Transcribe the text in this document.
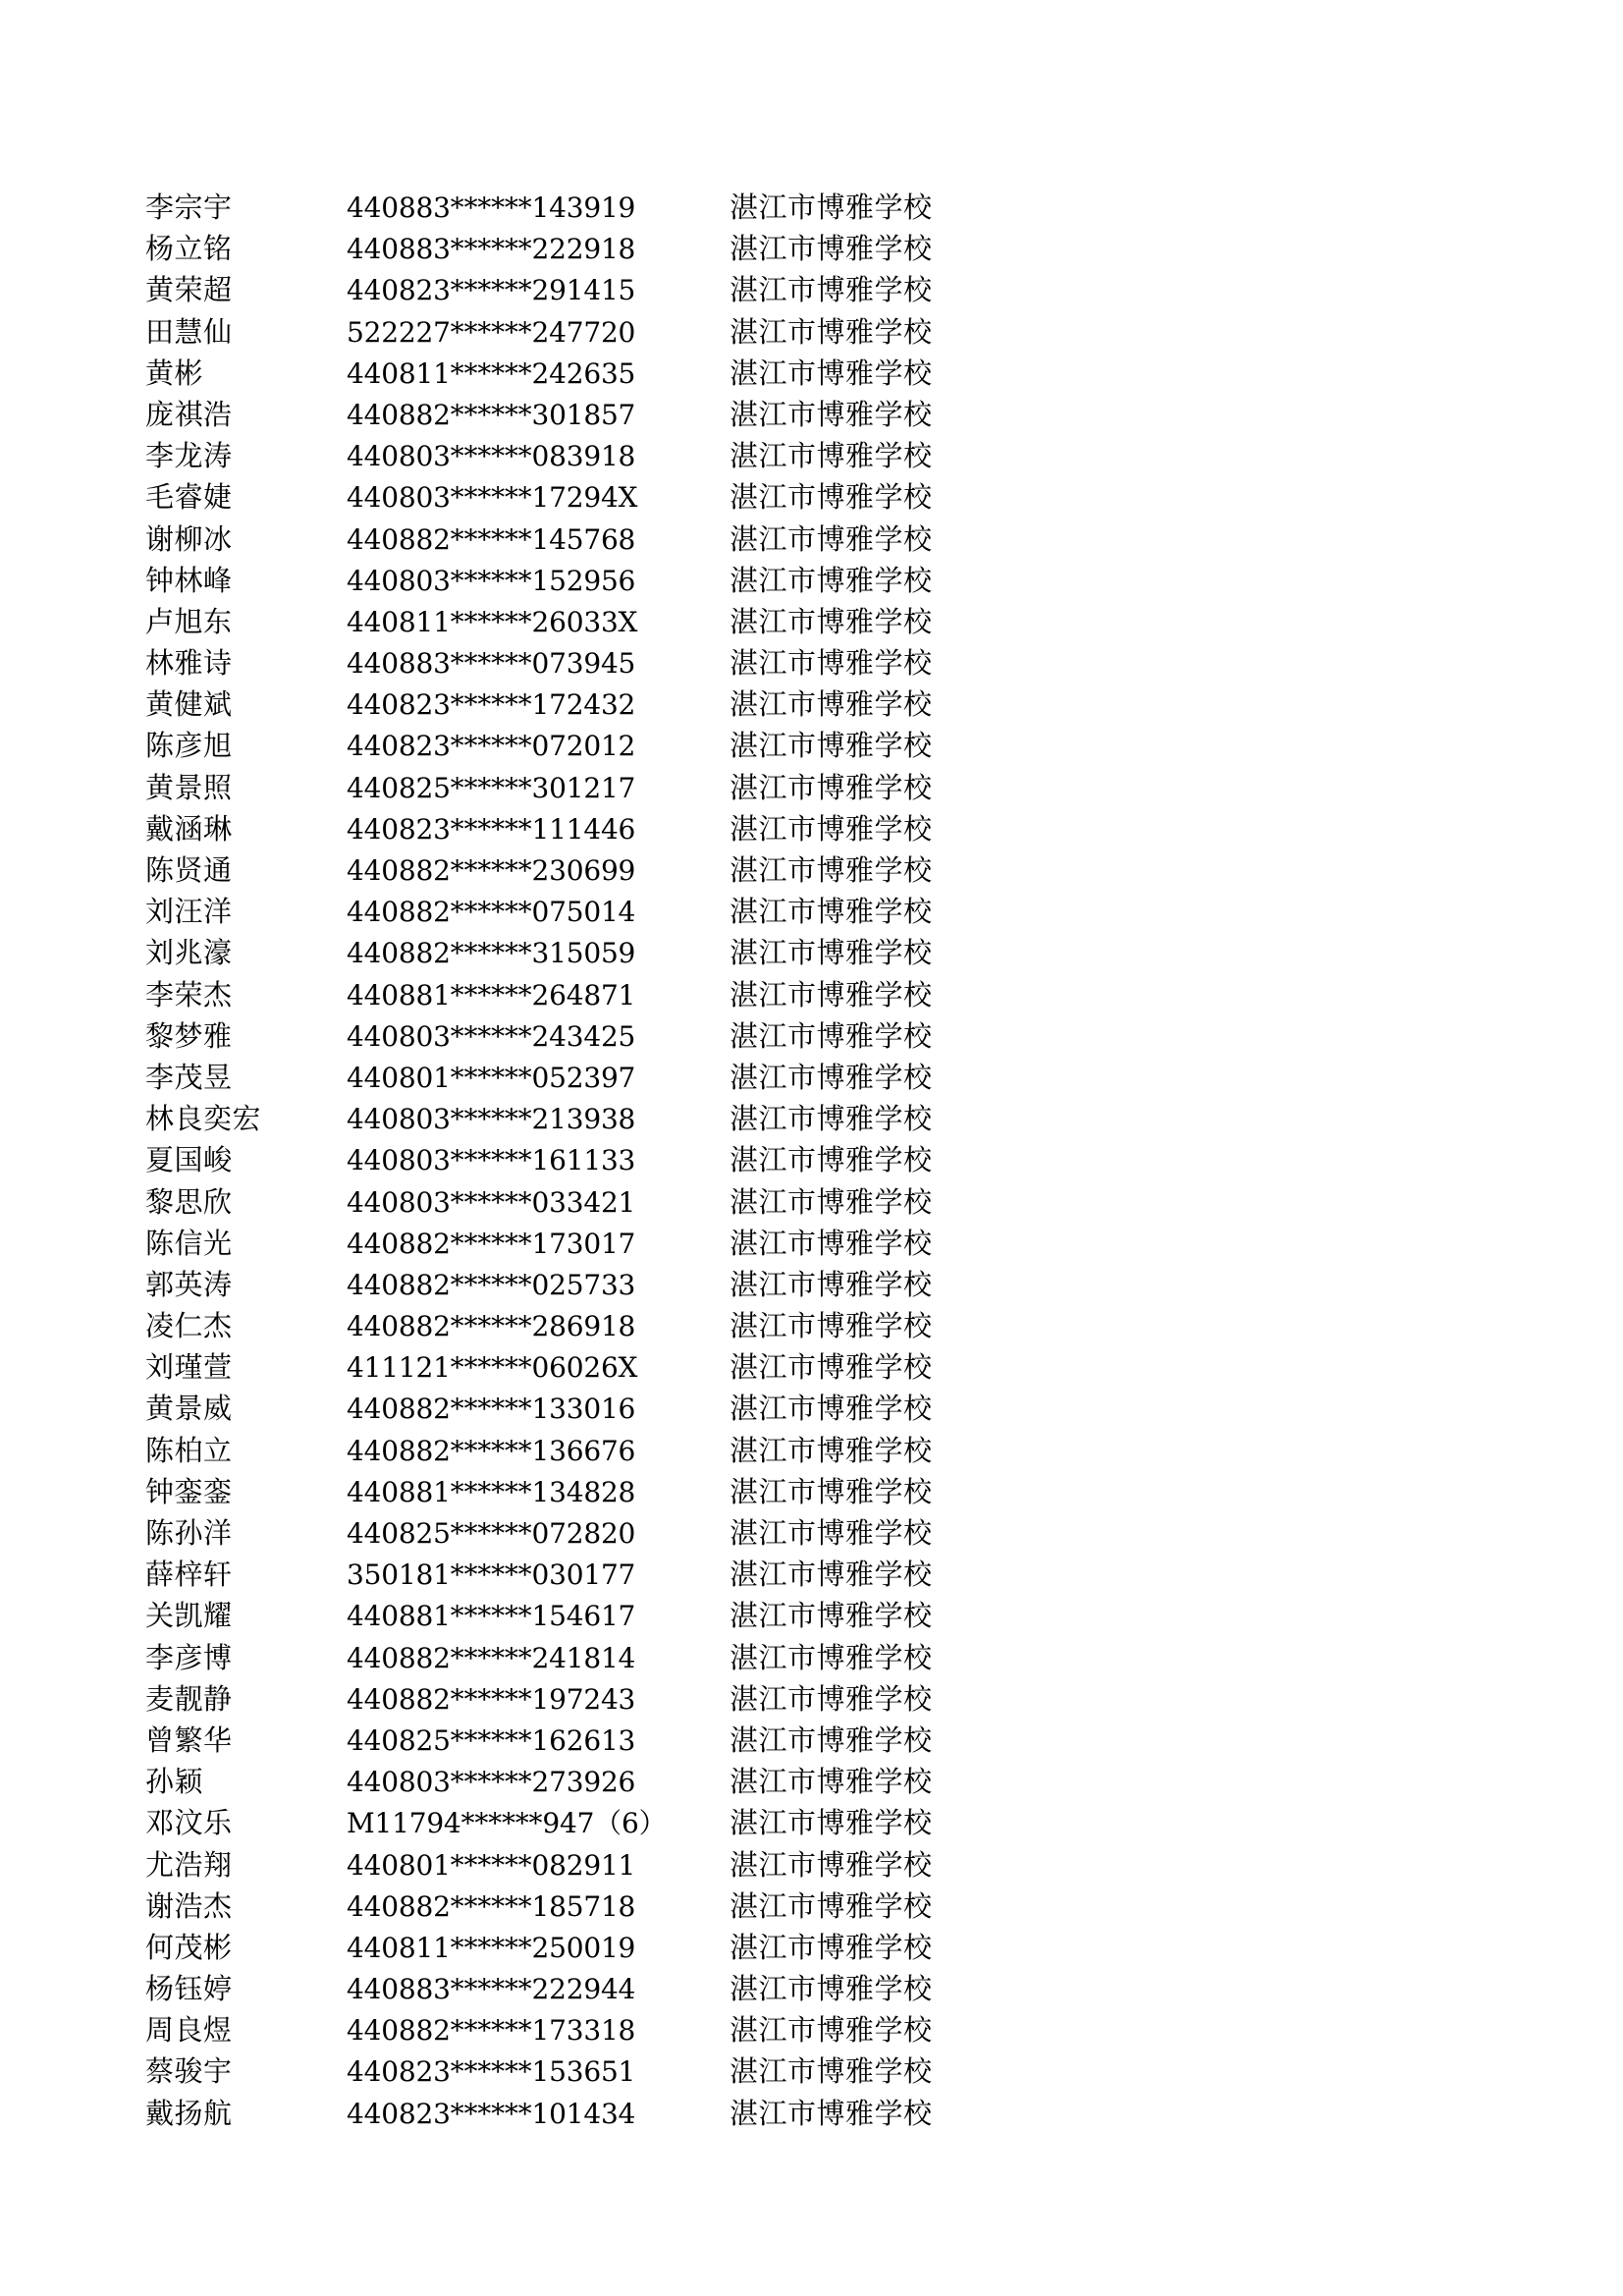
李宗宇	440883******143919	湛江市博雅学校
杨立铭	440883******222918	湛江市博雅学校
黄荣超	440823******291415	湛江市博雅学校
田慧仙	522227******247720	湛江市博雅学校
黄彬	440811******242635	湛江市博雅学校
庞祺浩	440882******301857	湛江市博雅学校
李龙涛	440803******083918	湛江市博雅学校
毛睿婕	440803******17294X	湛江市博雅学校
谢柳冰	440882******145768	湛江市博雅学校
钟林峰	440803******152956	湛江市博雅学校
卢旭东	440811******26033X	湛江市博雅学校
林雅诗	440883******073945	湛江市博雅学校
黄健斌	440823******172432	湛江市博雅学校
陈彦旭	440823******072012	湛江市博雅学校
黄景照	440825******301217	湛江市博雅学校
戴涵琳	440823******111446	湛江市博雅学校
陈贤通	440882******230699	湛江市博雅学校
刘汪洋	440882******075014	湛江市博雅学校
刘兆濠	440882******315059	湛江市博雅学校
李荣杰	440881******264871	湛江市博雅学校
黎梦雅	440803******243425	湛江市博雅学校
李茂昱	440801******052397	湛江市博雅学校
林良奕宏	440803******213938	湛江市博雅学校
夏国峻	440803******161133	湛江市博雅学校
黎思欣	440803******033421	湛江市博雅学校
陈信光	440882******173017	湛江市博雅学校
郭英涛	440882******025733	湛江市博雅学校
凌仁杰	440882******286918	湛江市博雅学校
刘瑾萱	411121******06026X	湛江市博雅学校
黄景威	440882******133016	湛江市博雅学校
陈柏立	440882******136676	湛江市博雅学校
钟銮銮	440881******134828	湛江市博雅学校
陈孙洋	440825******072820	湛江市博雅学校
薛梓轩	350181******030177	湛江市博雅学校
关凯耀	440881******154617	湛江市博雅学校
李彦博	440882******241814	湛江市博雅学校
麦靓静	440882******197243	湛江市博雅学校
曾繁华	440825******162613	湛江市博雅学校
孙颖	440803******273926	湛江市博雅学校
邓汶乐	M11794******947（6）	湛江市博雅学校
尤浩翔	440801******082911	湛江市博雅学校
谢浩杰	440882******185718	湛江市博雅学校
何茂彬	440811******250019	湛江市博雅学校
杨钰婷	440883******222944	湛江市博雅学校
周良煜	440882******173318	湛江市博雅学校
蔡骏宇	440823******153651	湛江市博雅学校
戴扬航	440823******101434	湛江市博雅学校
